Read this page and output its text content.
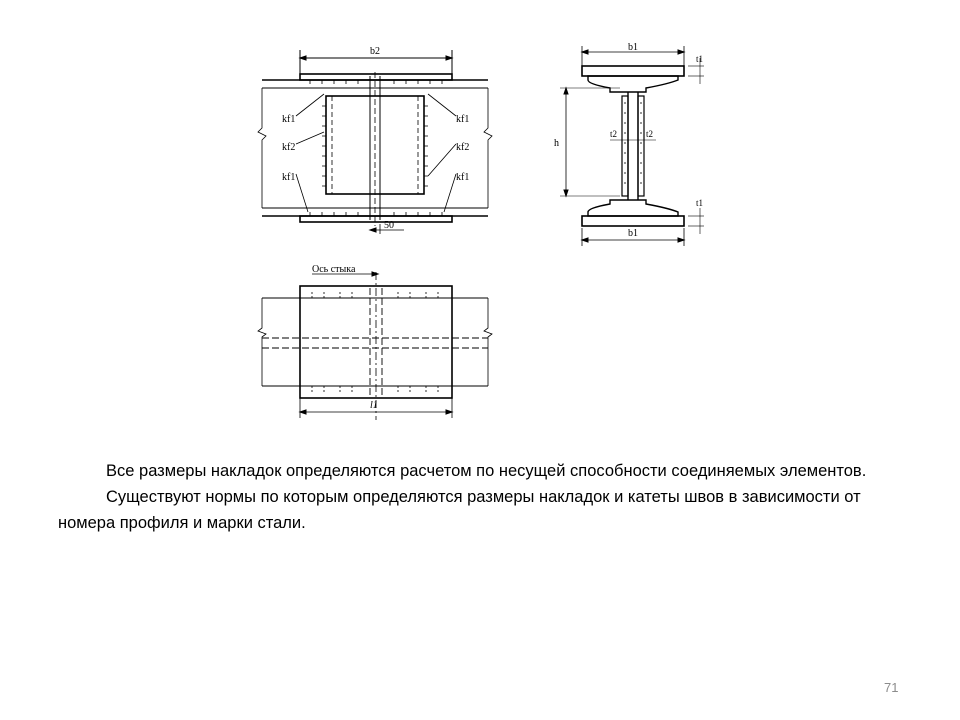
b2
kf1
kf2
kf1
kf1
kf2
kf1
50
b1
b1
h
t1
t1
t2	t2
Ось стыка
l1

Все размеры накладок определяются расчетом по несущей способности соединяемых элементов.

Существуют нормы по которым определяются размеры накладок и катеты швов в зависимости от номера профиля и марки стали.

71
